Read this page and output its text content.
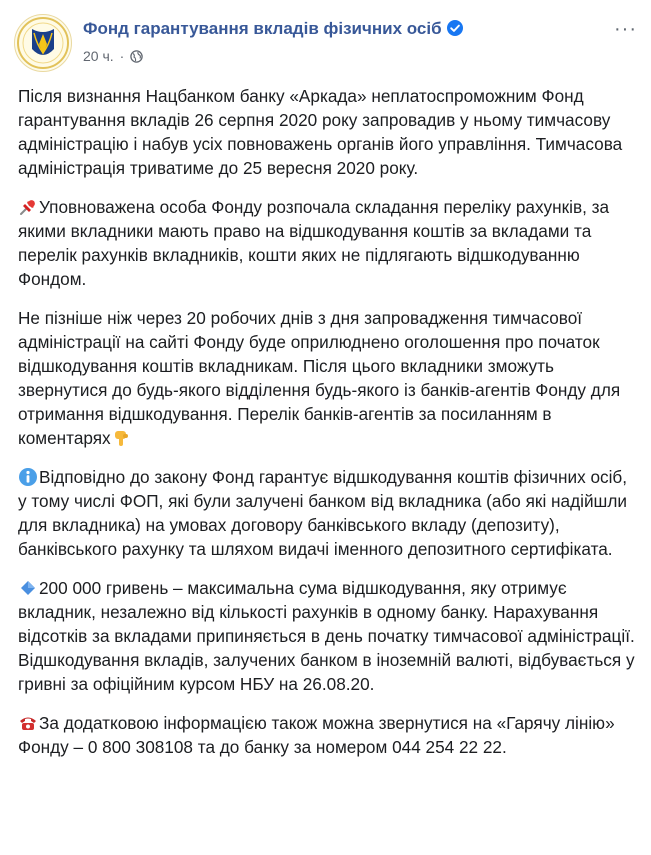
Фонд гарантування вкладів фізичних осіб
20 ч. ·
···

Після визнання Нацбанком банку «Аркада» неплатоспроможним Фонд гарантування вкладів 26 серпня 2020 року запровадив у ньому тимчасову адміністрацію і набув усіх повноважень органів його управління. Тимчасова адміністрація триватиме до 25 вересня 2020 року.

Уповноважена особа Фонду розпочала складання переліку рахунків, за якими вкладники мають право на відшкодування коштів за вкладами та перелік рахунків вкладників, кошти яких не підлягають відшкодуванню Фондом.

Не пізніше ніж через 20 робочих днів з дня запровадження тимчасової адміністрації на сайті Фонду буде оприлюднено оголошення про початок відшкодування коштів вкладникам. Після цього вкладники зможуть звернутися до будь-якого відділення будь-якого із банків-агентів Фонду для отримання відшкодування. Перелік банків-агентів за посиланням в коментарях

Відповідно до закону Фонд гарантує відшкодування коштів фізичних осіб, у тому числі ФОП, які були залучені банком від вкладника (або які надійшли для вкладника) на умовах договору банківського вкладу (депозиту), банківського рахунку та шляхом видачі іменного депозитного сертифіката.

200 000 гривень – максимальна сума відшкодування, яку отримує вкладник, незалежно від кількості рахунків в одному банку. Нарахування відсотків за вкладами припиняється в день початку тимчасової адміністрації. Відшкодування вкладів, залучених банком в іноземній валюті, відбувається у гривні за офіційним курсом НБУ на 26.08.20.

За додатковою інформацією також можна звернутися на «Гарячу лінію» Фонду – 0 800 308108 та до банку за номером 044 254 22 22.
